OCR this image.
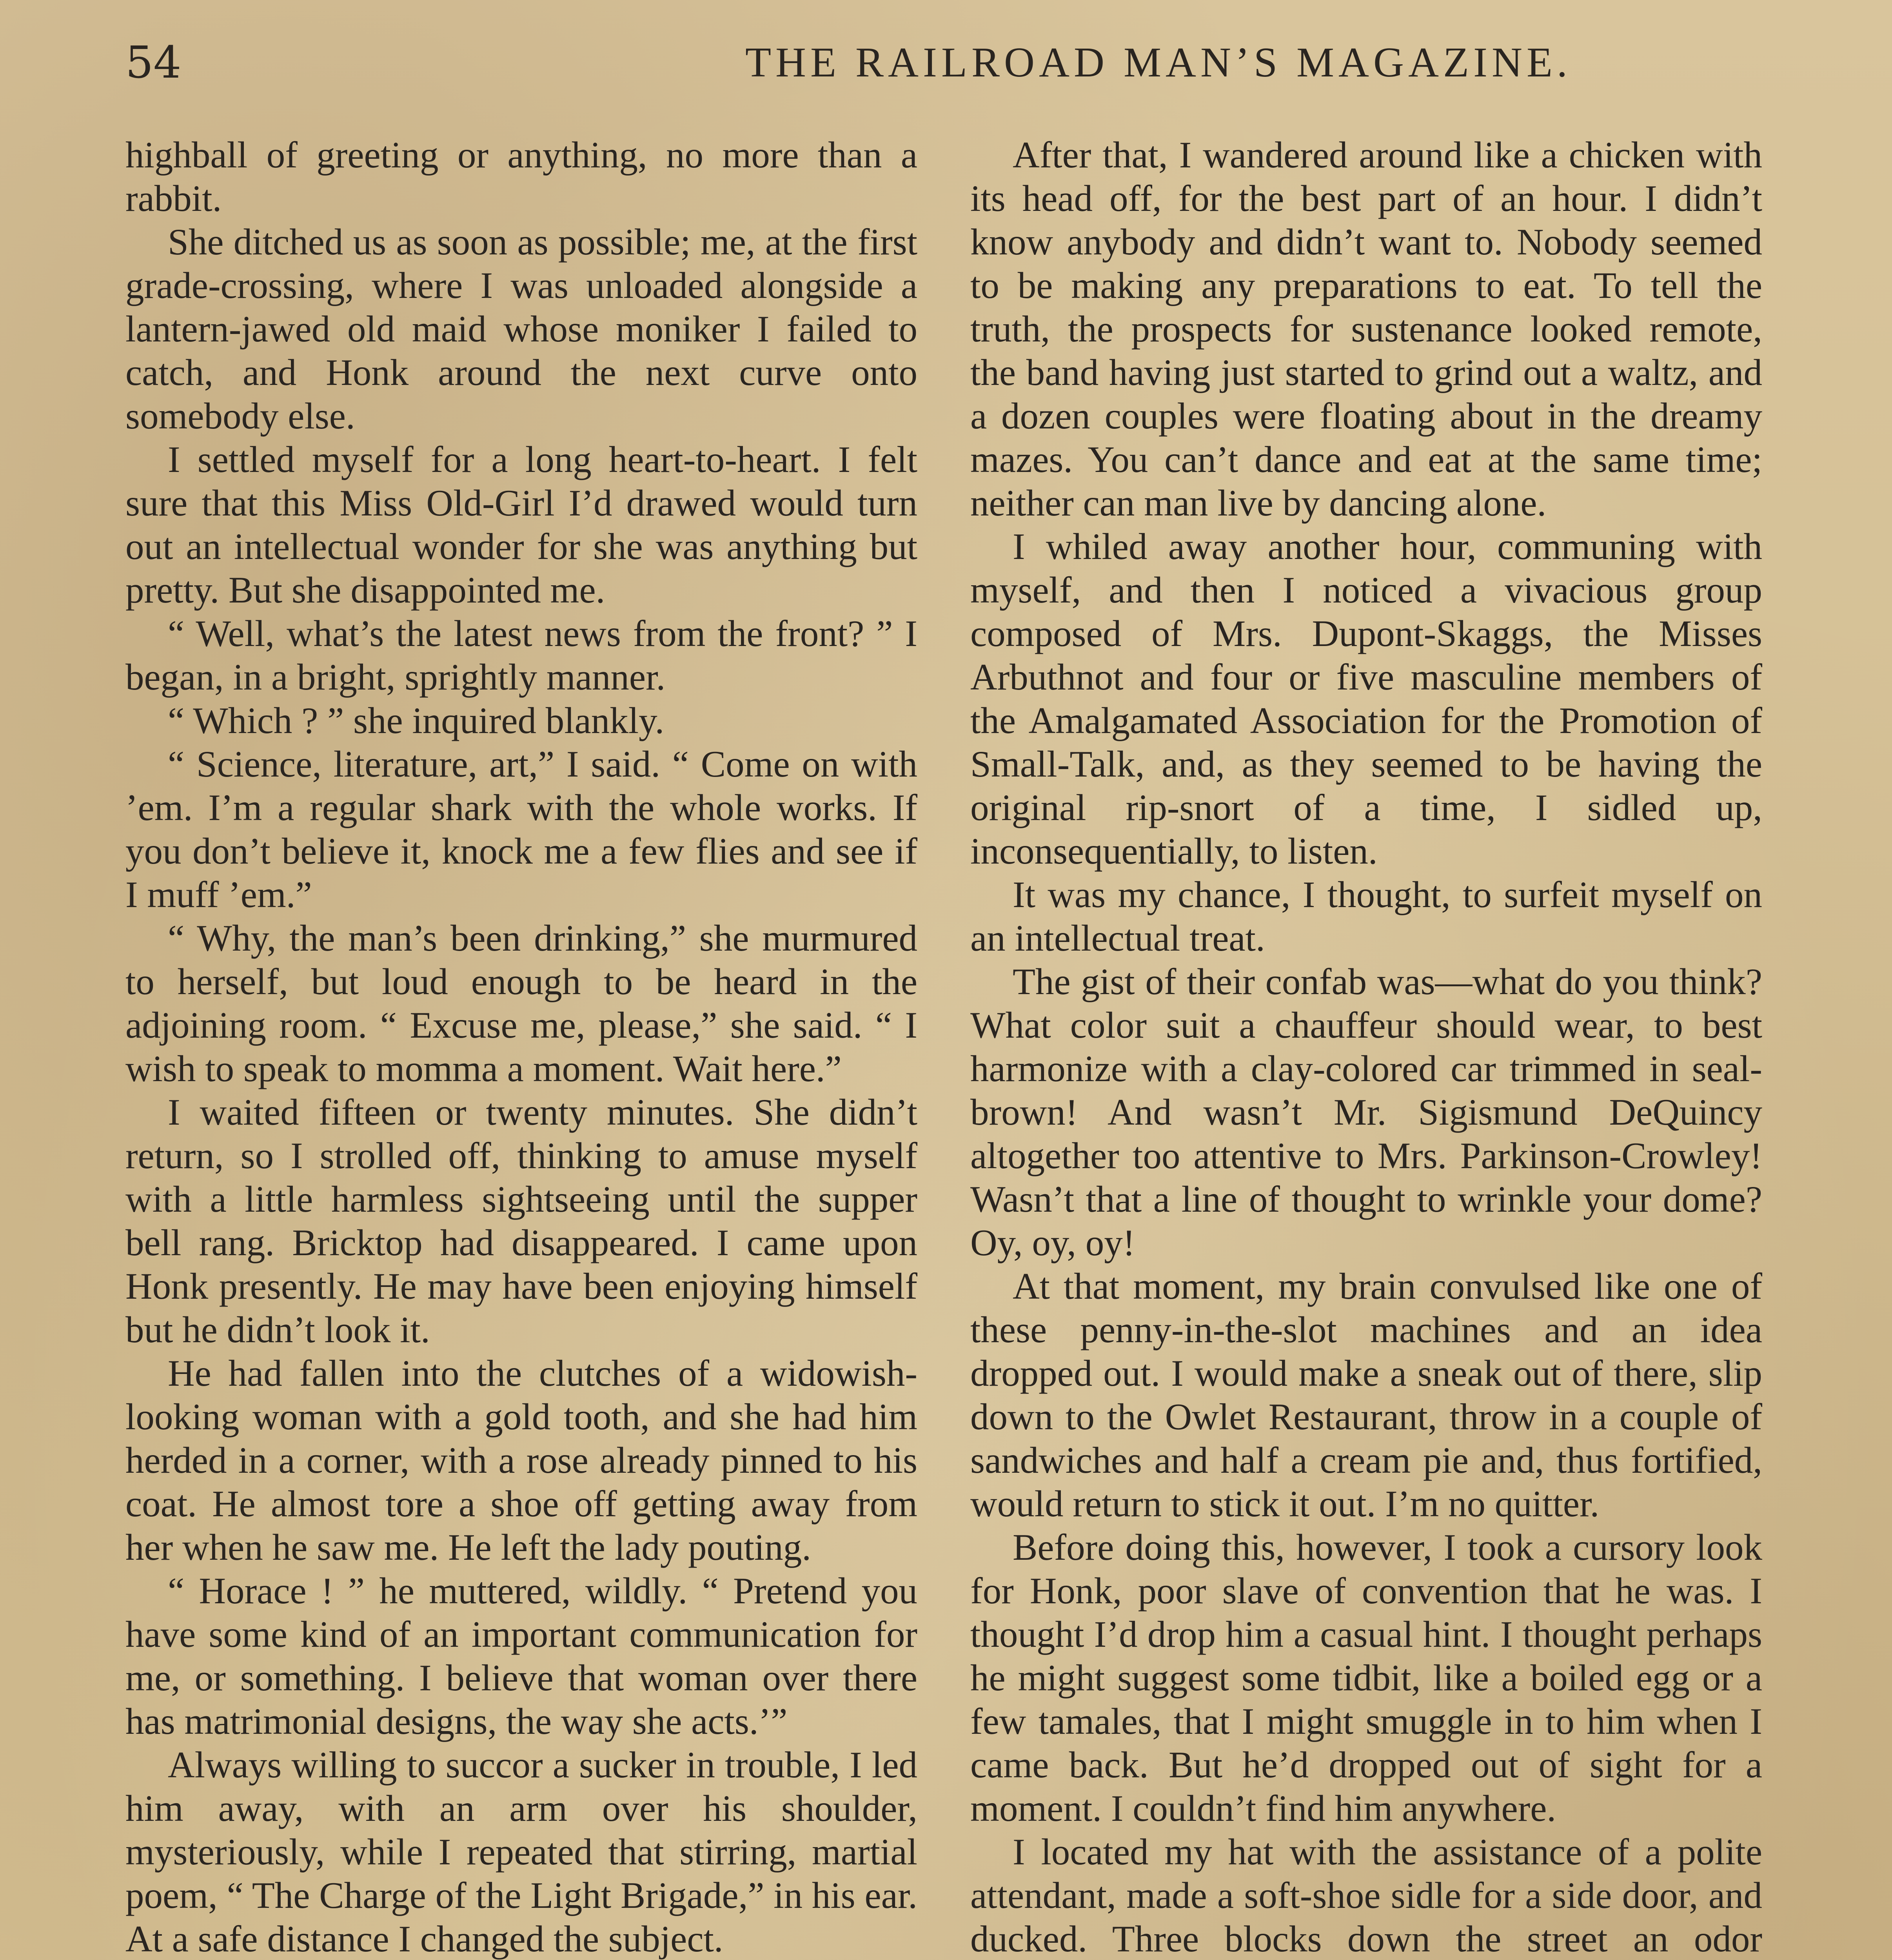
54	THE RAILROAD MAN’S MAGAZINE.

highball of greeting or anything, no more than a rabbit.

She ditched us as soon as possible; me, at the first grade-crossing, where I was unloaded alongside a lantern-jawed old maid whose moniker I failed to catch, and Honk around the next curve onto somebody else.

I settled myself for a long heart-to-heart. I felt sure that this Miss Old-Girl I’d drawed would turn out an intellectual wonder for she was anything but pretty. But she disappointed me.

“ Well, what’s the latest news from the front? ” I began, in a bright, sprightly manner.

“ Which ? ” she inquired blankly.

“ Science, literature, art,” I said. “ Come on with ’em. I’m a regular shark with the whole works. If you don’t believe it, knock me a few flies and see if I muff ’em.”

“ Why, the man’s been drinking,” she murmured to herself, but loud enough to be heard in the adjoining room. “ Excuse me, please,” she said. “ I wish to speak to momma a moment. Wait here.”

I waited fifteen or twenty minutes. She didn’t return, so I strolled off, thinking to amuse myself with a little harmless sightseeing until the supper bell rang. Bricktop had disappeared. I came upon Honk presently. He may have been enjoying himself but he didn’t look it.

He had fallen into the clutches of a widowish-looking woman with a gold tooth, and she had him herded in a corner, with a rose already pinned to his coat. He almost tore a shoe off getting away from her when he saw me. He left the lady pouting.

“ Horace ! ” he muttered, wildly. “ Pretend you have some kind of an important communication for me, or something. I believe that woman over there has matrimonial designs, the way she acts.’”

Always willing to succor a sucker in trouble, I led him away, with an arm over his shoulder, mysteriously, while I repeated that stirring, martial poem, “ The Charge of the Light Brigade,” in his ear. At a safe distance I changed the subject.

After that, I wandered around like a chicken with its head off, for the best part of an hour. I didn’t know anybody and didn’t want to. Nobody seemed to be making any preparations to eat. To tell the truth, the prospects for sustenance looked remote, the band having just started to grind out a waltz, and a dozen couples were floating about in the dreamy mazes. You can’t dance and eat at the same time; neither can man live by dancing alone.

I whiled away another hour, communing with myself, and then I noticed a vivacious group composed of Mrs. Dupont-Skaggs, the Misses Arbuthnot and four or five masculine members of the Amalgamated Association for the Promotion of Small-Talk, and, as they seemed to be having the original rip-snort of a time, I sidled up, inconsequentially, to listen.

It was my chance, I thought, to surfeit myself on an intellectual treat.

The gist of their confab was—what do you think? What color suit a chauffeur should wear, to best harmonize with a clay-colored car trimmed in seal-brown! And wasn’t Mr. Sigismund DeQuincy altogether too attentive to Mrs. Parkinson-Crowley! Wasn’t that a line of thought to wrinkle your dome? Oy, oy, oy!

At that moment, my brain convulsed like one of these penny-in-the-slot machines and an idea dropped out. I would make a sneak out of there, slip down to the Owlet Restaurant, throw in a couple of sandwiches and half a cream pie and, thus fortified, would return to stick it out. I’m no quitter.

Before doing this, however, I took a cursory look for Honk, poor slave of convention that he was. I thought I’d drop him a casual hint. I thought perhaps he might suggest some tidbit, like a boiled egg or a few tamales, that I might smuggle in to him when I came back. But he’d dropped out of sight for a moment. I couldn’t find him anywhere.

I located my hat with the assistance of a polite attendant, made a soft-shoe sidle for a side door, and ducked. Three blocks down the street an odor
